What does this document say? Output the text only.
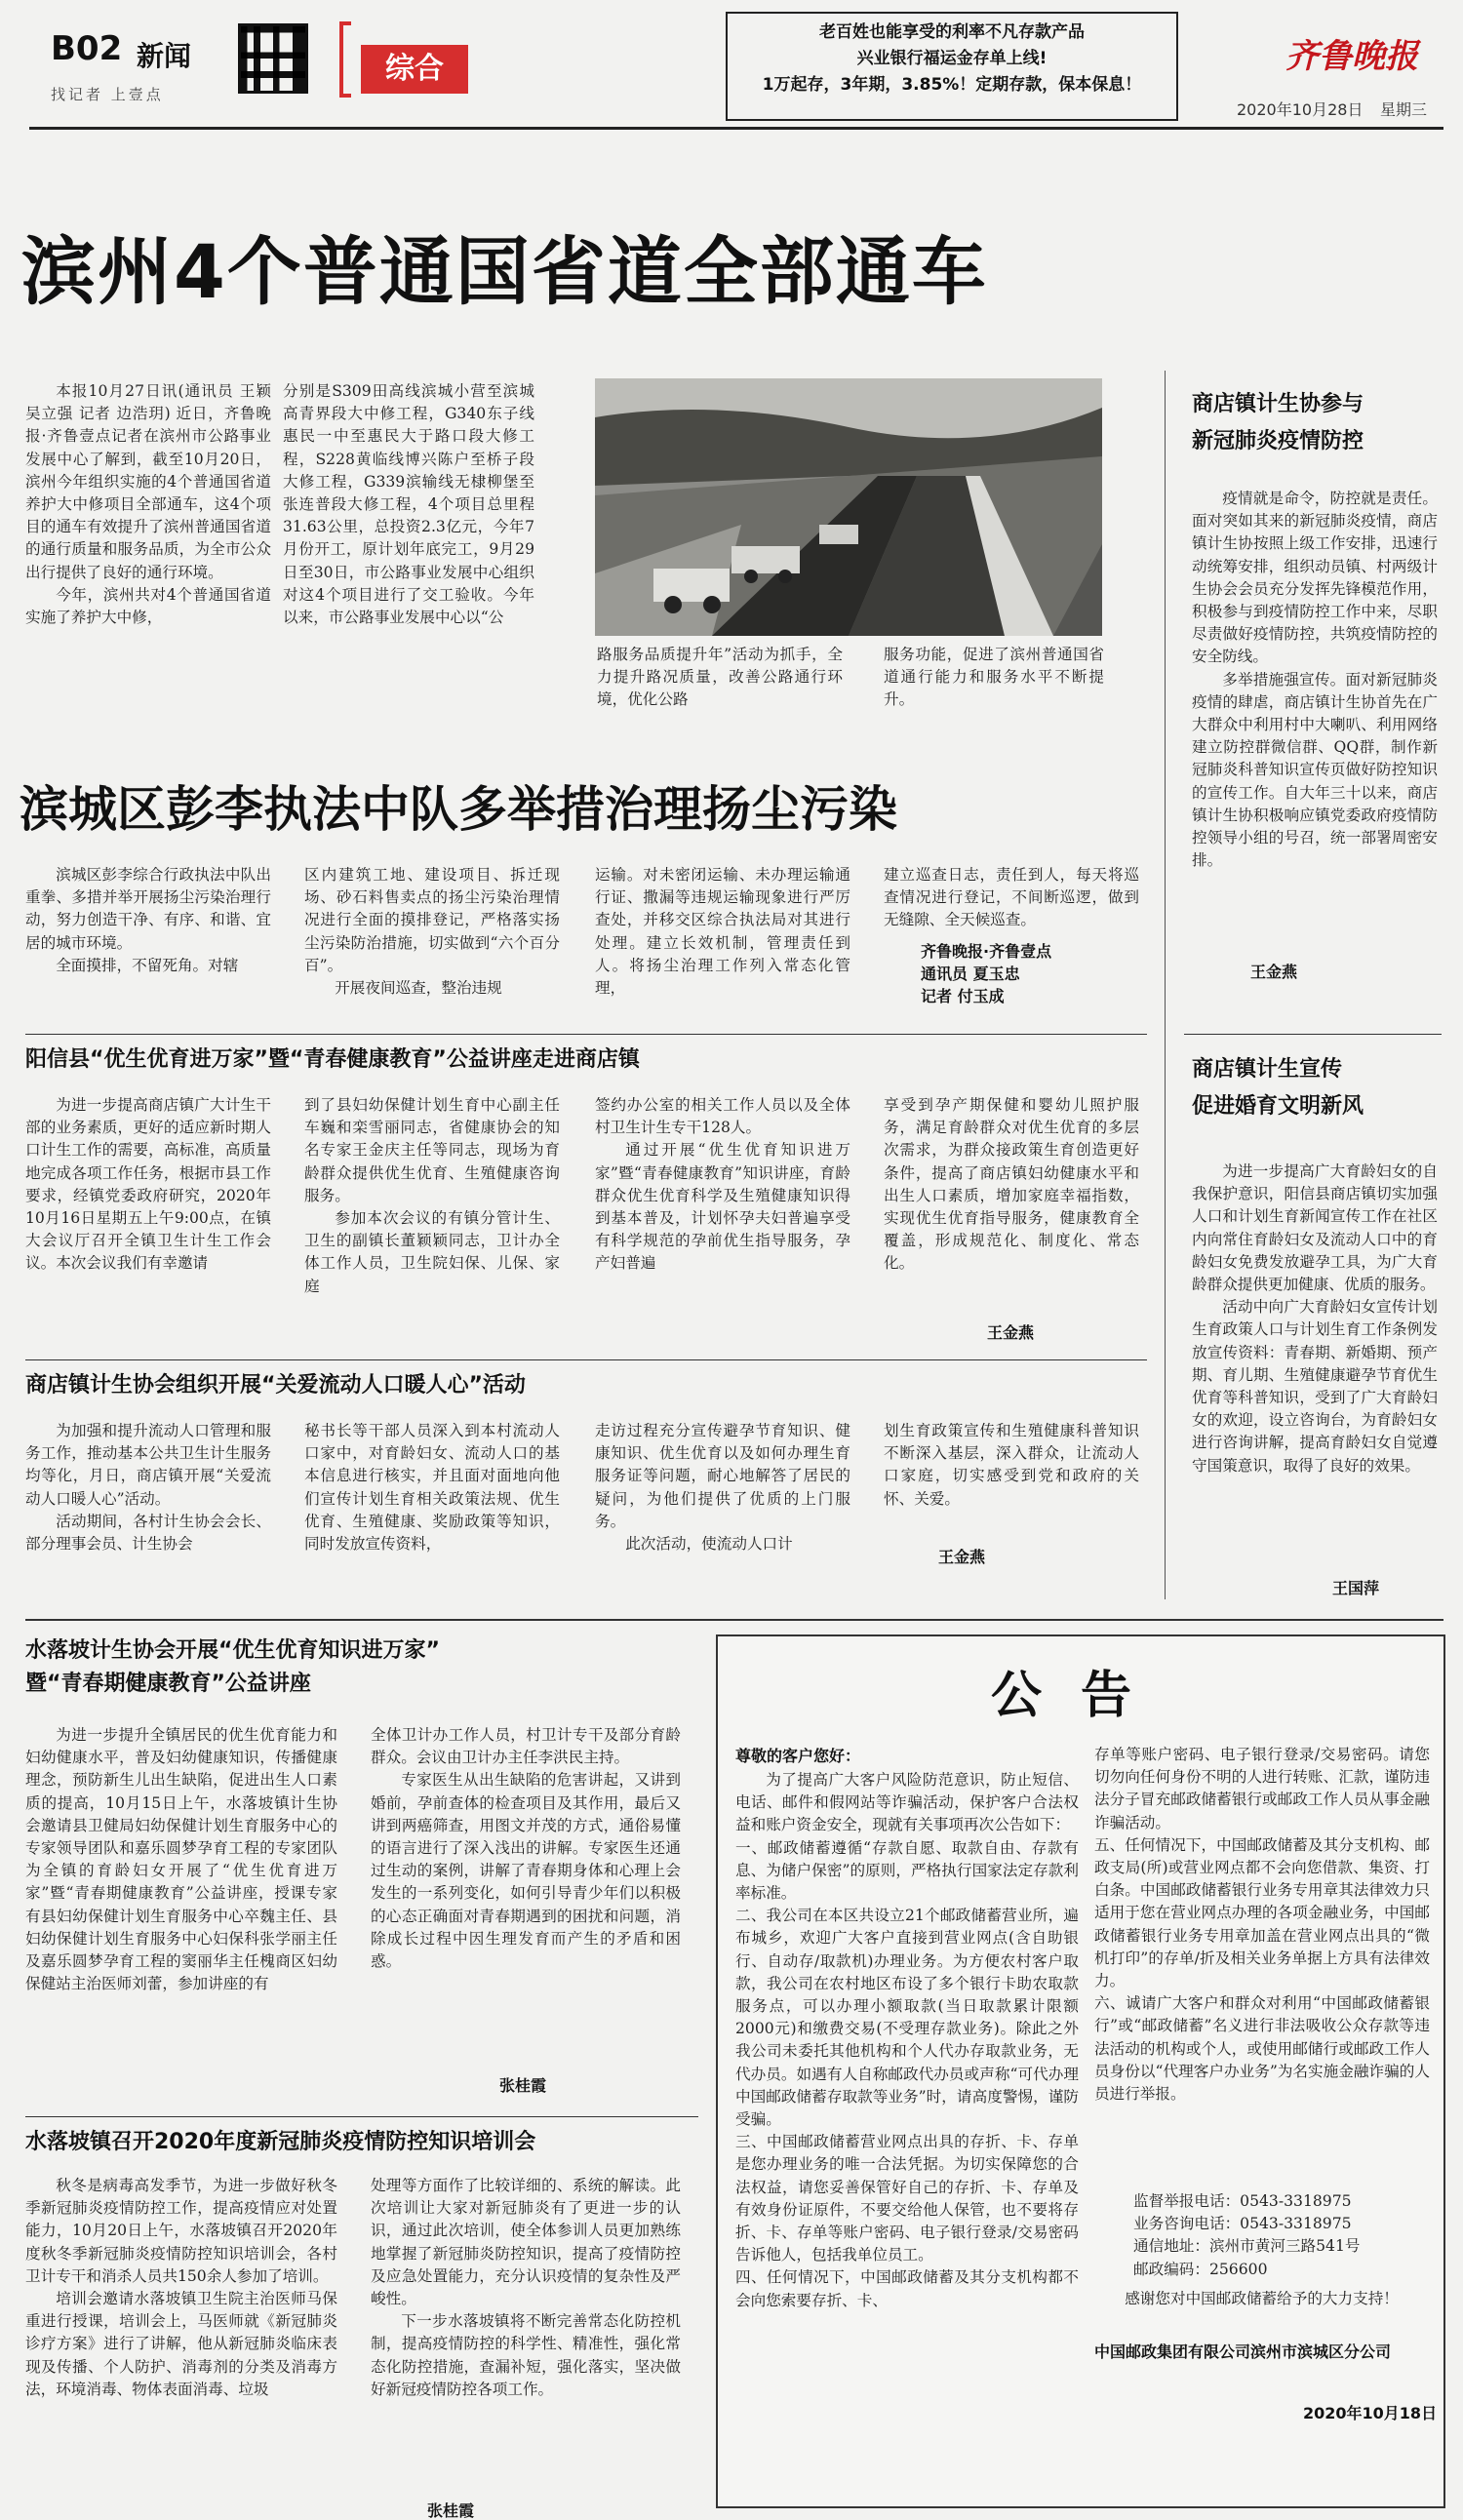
B02 新闻
找记者 上壹点
综合
老百姓也能享受的利率不凡存款产品
兴业银行福运金存单上线!
1万起存，3年期，3.85%！定期存款，保本保息！
齐鲁晚报
2020年10月28日 星期三
滨州4个普通国省道全部通车

本报10月27日讯(通讯员 王颖 吴立强 记者 边浩玥) 近日，齐鲁晚报·齐鲁壹点记者在滨州市公路事业发展中心了解到，截至10月20日，滨州今年组织实施的4个普通国省道养护大中修项目全部通车，这4个项目的通车有效提升了滨州普通国省道的通行质量和服务品质，为全市公众出行提供了良好的通行环境。

今年，滨州共对4个普通国省道实施了养护大中修，

分别是S309田高线滨城小营至滨城高青界段大中修工程，G340东子线惠民一中至惠民大于路口段大修工程，S228黄临线博兴陈户至桥子段大修工程，G339滨输线无棣柳堡至张连普段大修工程，4个项目总里程31.63公里，总投资2.3亿元，今年7月份开工，原计划年底完工，9月29日至30日，市公路事业发展中心组织对这4个项目进行了交工验收。今年以来，市公路事业发展中心以“公

路服务品质提升年”活动为抓手，全力提升路况质量，改善公路通行环境，优化公路

服务功能，促进了滨州普通国省道通行能力和服务水平不断提升。

滨城区彭李执法中队多举措治理扬尘污染

滨城区彭李综合行政执法中队出重拳、多措并举开展扬尘污染治理行动，努力创造干净、有序、和谐、宜居的城市环境。

全面摸排，不留死角。对辖

区内建筑工地、建设项目、拆迁现场、砂石料售卖点的扬尘污染治理情况进行全面的摸排登记，严格落实扬尘污染防治措施，切实做到“六个百分百”。

开展夜间巡查，整治违规

运输。对未密闭运输、未办理运输通行证、撒漏等违规运输现象进行严厉查处，并移交区综合执法局对其进行处理。建立长效机制，管理责任到人。将扬尘治理工作列入常态化管理，

建立巡查日志，责任到人，每天将巡查情况进行登记，不间断巡逻，做到无缝隙、全天候巡查。

齐鲁晚报·齐鲁壹点
通讯员 夏玉忠
记者 付玉成
阳信县“优生优育进万家”暨“青春健康教育”公益讲座走进商店镇

为进一步提高商店镇广大计生干部的业务素质，更好的适应新时期人口计生工作的需要，高标准，高质量地完成各项工作任务，根据市县工作要求，经镇党委政府研究，2020年10月16日星期五上午9:00点，在镇大会议厅召开全镇卫生计生工作会议。本次会议我们有幸邀请

到了县妇幼保健计划生育中心副主任车巍和栾雪丽同志，省健康协会的知名专家王金庆主任等同志，现场为育龄群众提供优生优育、生殖健康咨询服务。

参加本次会议的有镇分管计生、卫生的副镇长董颖颖同志，卫计办全体工作人员，卫生院妇保、儿保、家庭

签约办公室的相关工作人员以及全体村卫生计生专干128人。

通过开展“优生优育知识进万家”暨“青春健康教育”知识讲座，育龄群众优生优育科学及生殖健康知识得到基本普及，计划怀孕夫妇普遍享受有科学规范的孕前优生指导服务，孕产妇普遍

享受到孕产期保健和婴幼儿照护服务，满足育龄群众对优生优育的多层次需求，为群众接政策生育创造更好条件，提高了商店镇妇幼健康水平和出生人口素质，增加家庭幸福指数，实现优生优育指导服务，健康教育全覆盖，形成规范化、制度化、常态化。

王金燕
商店镇计生协会组织开展“关爱流动人口暖人心”活动

为加强和提升流动人口管理和服务工作，推动基本公共卫生计生服务均等化，月日，商店镇开展“关爱流动人口暖人心”活动。

活动期间，各村计生协会会长、部分理事会员、计生协会

秘书长等干部人员深入到本村流动人口家中，对育龄妇女、流动人口的基本信息进行核实，并且面对面地向他们宣传计划生育相关政策法规、优生优育、生殖健康、奖励政策等知识，同时发放宣传资料，

走访过程充分宣传避孕节育知识、健康知识、优生优育以及如何办理生育服务证等问题，耐心地解答了居民的疑问，为他们提供了优质的上门服务。

此次活动，使流动人口计

划生育政策宣传和生殖健康科普知识不断深入基层，深入群众，让流动人口家庭，切实感受到党和政府的关怀、关爱。

王金燕
商店镇计生协参与
新冠肺炎疫情防控

疫情就是命令，防控就是责任。面对突如其来的新冠肺炎疫情，商店镇计生协按照上级工作安排，迅速行动统筹安排，组织动员镇、村两级计生协会会员充分发挥先锋模范作用，积极参与到疫情防控工作中来，尽职尽责做好疫情防控，共筑疫情防控的安全防线。

多举措施强宣传。面对新冠肺炎疫情的肆虐，商店镇计生协首先在广大群众中利用村中大喇叭、利用网络建立防控群微信群、QQ群，制作新冠肺炎科普知识宣传页做好防控知识的宣传工作。自大年三十以来，商店镇计生协积极响应镇党委政府疫情防控领导小组的号召，统一部署周密安排。

王金燕
商店镇计生宣传
促进婚育文明新风

为进一步提高广大育龄妇女的自我保护意识，阳信县商店镇切实加强人口和计划生育新闻宣传工作在社区内向常住育龄妇女及流动人口中的育龄妇女免费发放避孕工具，为广大育龄群众提供更加健康、优质的服务。

活动中向广大育龄妇女宣传计划生育政策人口与计划生育工作条例发放宣传资料：青春期、新婚期、预产期、育儿期、生殖健康避孕节育优生优育等科普知识，受到了广大育龄妇女的欢迎，设立咨询台，为育龄妇女进行咨询讲解，提高育龄妇女自觉遵守国策意识，取得了良好的效果。

王国萍
水落坡计生协会开展“优生优育知识进万家”
暨“青春期健康教育”公益讲座

为进一步提升全镇居民的优生优育能力和妇幼健康水平，普及妇幼健康知识，传播健康理念，预防新生儿出生缺陷，促进出生人口素质的提高，10月15日上午，水落坡镇计生协会邀请县卫健局妇幼保健计划生育服务中心的专家领导团队和嘉乐圆梦孕育工程的专家团队为全镇的育龄妇女开展了“优生优育进万家”暨“青春期健康教育”公益讲座，授课专家有县妇幼保健计划生育服务中心卒魏主任、县妇幼保健计划生育服务中心妇保科张学丽主任及嘉乐圆梦孕育工程的窦丽华主任槐商区妇幼保健站主治医师刘蕾，参加讲座的有

全体卫计办工作人员，村卫计专干及部分育龄群众。会议由卫计办主任李洪民主持。

专家医生从出生缺陷的危害讲起，又讲到婚前，孕前查体的检查项目及其作用，最后又讲到两癌筛查，用图文并茂的方式，通俗易懂的语言进行了深入浅出的讲解。专家医生还通过生动的案例，讲解了青春期身体和心理上会发生的一系列变化，如何引导青少年们以积极的心态正确面对青春期遇到的困扰和问题，消除成长过程中因生理发育而产生的矛盾和困惑。

张桂霞
水落坡镇召开2020年度新冠肺炎疫情防控知识培训会

秋冬是病毒高发季节，为进一步做好秋冬季新冠肺炎疫情防控工作，提高疫情应对处置能力，10月20日上午，水落坡镇召开2020年度秋冬季新冠肺炎疫情防控知识培训会，各村卫计专干和消杀人员共150余人参加了培训。

培训会邀请水落坡镇卫生院主治医师马保重进行授课，培训会上，马医师就《新冠肺炎诊疗方案》进行了讲解，他从新冠肺炎临床表现及传播、个人防护、消毒剂的分类及消毒方法，环境消毒、物体表面消毒、垃圾

处理等方面作了比较详细的、系统的解读。此次培训让大家对新冠肺炎有了更进一步的认识，通过此次培训，使全体参训人员更加熟练地掌握了新冠肺炎防控知识，提高了疫情防控及应急处置能力，充分认识疫情的复杂性及严峻性。

下一步水落坡镇将不断完善常态化防控机制，提高疫情防控的科学性、精准性，强化常态化防控措施，查漏补短，强化落实，坚决做好新冠疫情防控各项工作。

张桂霞
公告
尊敬的客户您好：
为了提高广大客户风险防范意识，防止短信、电话、邮件和假网站等诈骗活动，保护客户合法权益和账户资金安全，现就有关事项再次公告如下：
一、邮政储蓄遵循“存款自愿、取款自由、存款有息、为储户保密”的原则，严格执行国家法定存款利率标准。
二、我公司在本区共设立21个邮政储蓄营业所，遍布城乡，欢迎广大客户直接到营业网点(含自助银行、自动存/取款机)办理业务。为方便农村客户取款，我公司在农村地区布设了多个银行卡助农取款服务点，可以办理小额取款(当日取款累计限额2000元)和缴费交易(不受理存款业务)。除此之外我公司未委托其他机构和个人代办存取款业务，无代办员。如遇有人自称邮政代办员或声称“可代办理中国邮政储蓄存取款等业务”时，请高度警惕，谨防受骗。
三、中国邮政储蓄营业网点出具的存折、卡、存单是您办理业务的唯一合法凭据。为切实保障您的合法权益，请您妥善保管好自己的存折、卡、存单及有效身份证原件，不要交给他人保管，也不要将存折、卡、存单等账户密码、电子银行登录/交易密码告诉他人，包括我单位员工。
四、任何情况下，中国邮政储蓄及其分支机构都不会向您索要存折、卡、
存单等账户密码、电子银行登录/交易密码。请您切勿向任何身份不明的人进行转账、汇款，谨防违法分子冒充邮政储蓄银行或邮政工作人员从事金融诈骗活动。
五、任何情况下，中国邮政储蓄及其分支机构、邮政支局(所)或营业网点都不会向您借款、集资、打白条。中国邮政储蓄银行业务专用章其法律效力只适用于您在营业网点办理的各项金融业务，中国邮政储蓄银行业务专用章加盖在营业网点出具的“微机打印”的存单/折及相关业务单据上方具有法律效力。
六、诚请广大客户和群众对利用“中国邮政储蓄银行”或“邮政储蓄”名义进行非法吸收公众存款等违法活动的机构或个人，或使用邮储行或邮政工作人员身份以“代理客户办业务”为名实施金融诈骗的人员进行举报。
监督举报电话：0543-3318975
业务咨询电话：0543-3318975
通信地址：滨州市黄河三路541号
邮政编码：256600
感谢您对中国邮政储蓄给予的大力支持！
中国邮政集团有限公司滨州市滨城区分公司
2020年10月18日
